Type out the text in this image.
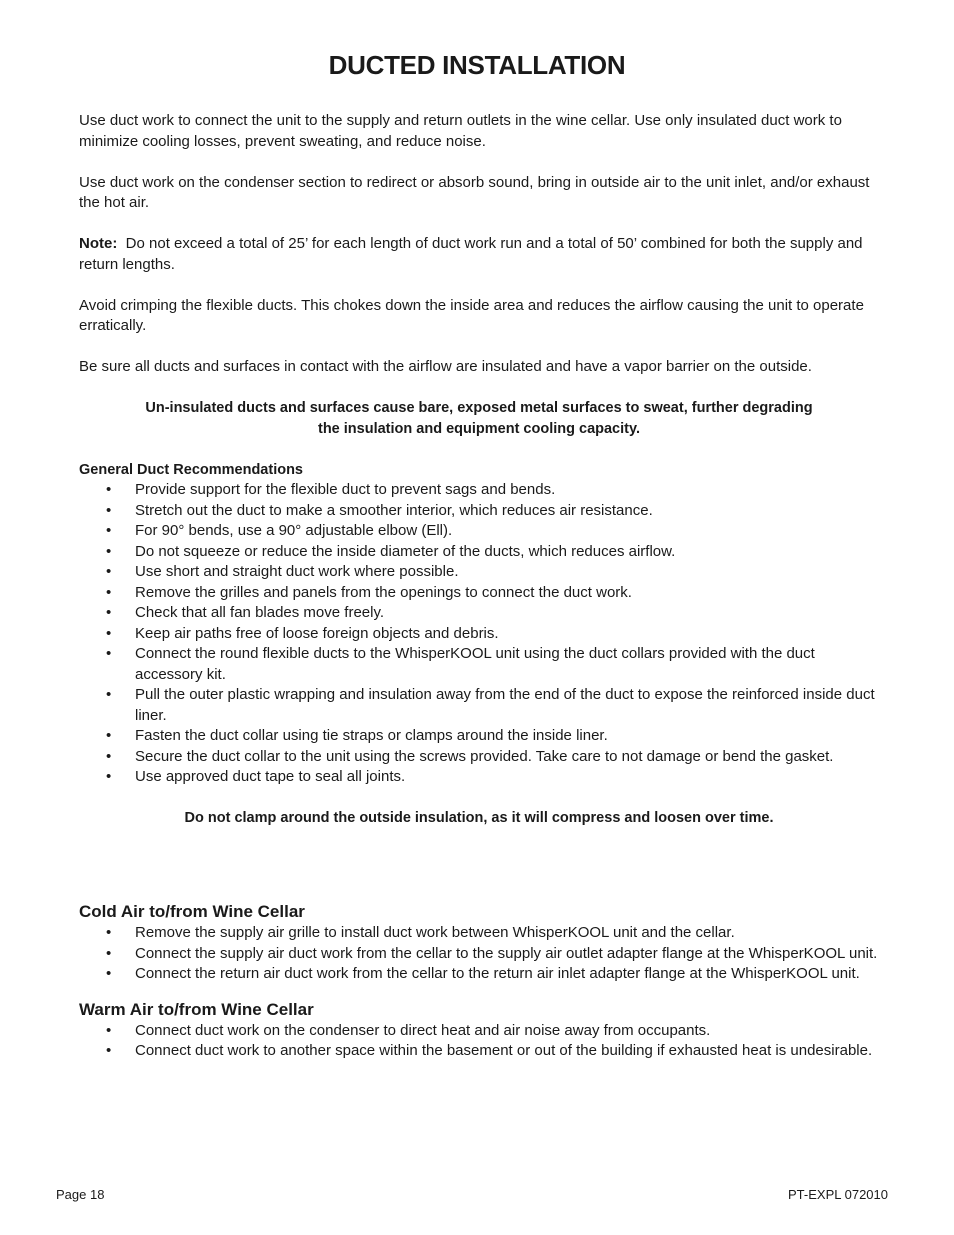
DUCTED INSTALLATION

Use duct work to connect the unit to the supply and return outlets in the wine cellar. Use only insulated duct work to minimize cooling losses, prevent sweating, and reduce noise.

Use duct work on the condenser section to redirect or absorb sound, bring in outside air to the unit inlet, and/or exhaust the hot air.

Note:  Do not exceed a total of 25’ for each length of duct work run and a total of 50’ combined for both the supply and return lengths.

Avoid crimping the flexible ducts. This chokes down the inside area and reduces the airflow causing the unit to operate erratically.

Be sure all ducts and surfaces in contact with the airflow are insulated and have a vapor barrier on the outside.

Un-insulated ducts and surfaces cause bare, exposed metal surfaces to sweat, further degrading the insulation and equipment cooling capacity.

General Duct Recommendations

• Provide support for the flexible duct to prevent sags and bends.
• Stretch out the duct to make a smoother interior, which reduces air resistance.
• For 90° bends, use a 90° adjustable elbow (Ell).
• Do not squeeze or reduce the inside diameter of the ducts, which reduces airflow.
• Use short and straight duct work where possible.
• Remove the grilles and panels from the openings to connect the duct work.
• Check that all fan blades move freely.
• Keep air paths free of loose foreign objects and debris.
• Connect the round flexible ducts to the WhisperKOOL unit using the duct collars provided with the duct accessory kit.
• Pull the outer plastic wrapping and insulation away from the end of the duct to expose the reinforced inside duct liner.
• Fasten the duct collar using tie straps or clamps around the inside liner.
• Secure the duct collar to the unit using the screws provided. Take care to not damage or bend the gasket.
• Use approved duct tape to seal all joints.

Do not clamp around the outside insulation, as it will compress and loosen over time.

Cold Air to/from Wine Cellar

• Remove the supply air grille to install duct work between WhisperKOOL unit and the cellar.
• Connect the supply air duct work from the cellar to the supply air outlet adapter flange at the WhisperKOOL unit.
• Connect the return air duct work from the cellar to the return air inlet adapter flange at the WhisperKOOL unit.

Warm Air to/from Wine Cellar

• Connect duct work on the condenser to direct heat and air noise away from occupants.
• Connect duct work to another space within the basement or out of the building if exhausted heat is undesirable.
Page 18	PT-EXPL 072010
